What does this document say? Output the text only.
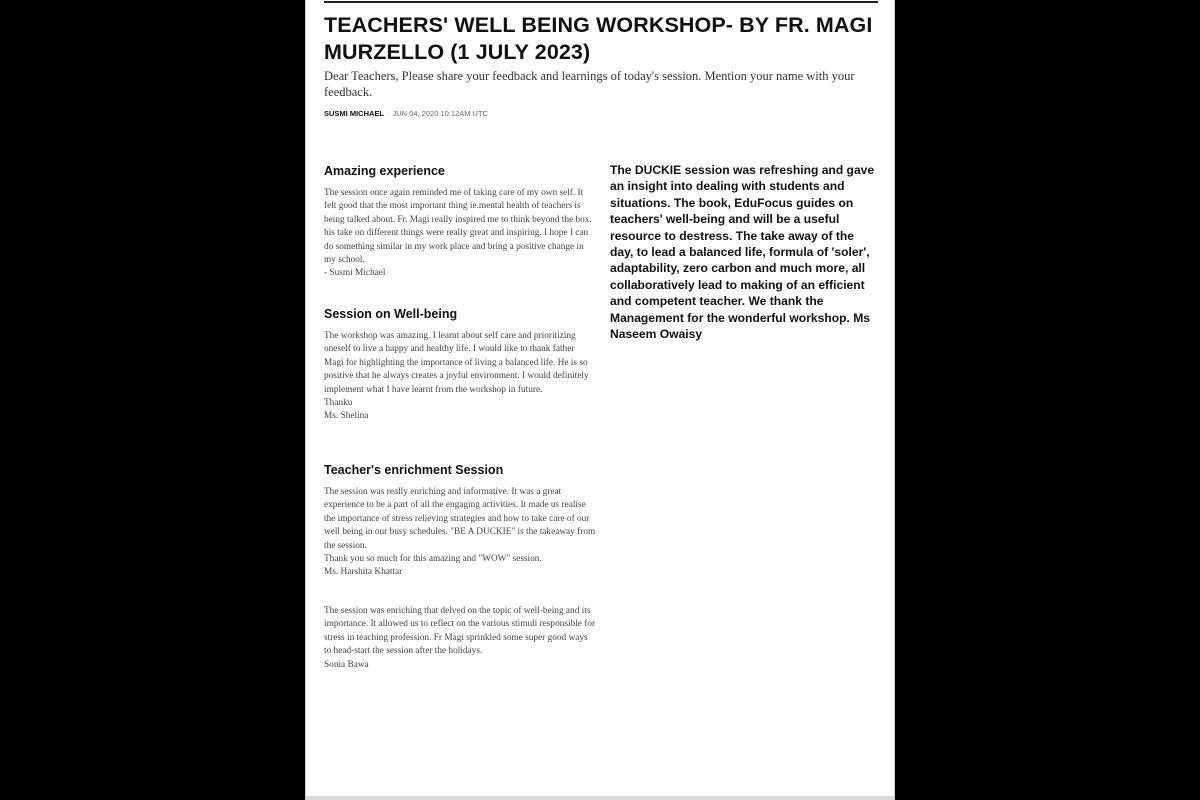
TEACHERS' WELL BEING WORKSHOP- BY FR. MAGI MURZELLO (1 JULY 2023)

Dear Teachers, Please share your feedback and learnings of today's session. Mention your name with your feedback.

SUSMI MICHAEL · JUN 04, 2020 10:12AM UTC
Amazing experience

The session once again reminded me of taking care of my own self. It felt good that the most important thing ie.mental health of teachers is being talked about. Fr. Magi really inspired me to think beyond the box. his take on different things were really great and inspiring. I hope I can do something similar in my work place and bring a positive change in my school.

- Susmi Michael

Session on Well-being

The workshop was amazing. I learnt about self care and prioritizing oneself to live a happy and healthy life. I would like to thank father Magi for highlighting the importance of living a balanced life. He is so positive that he always creates a joyful environment. I would definitely implement what I have learnt from the workshop in future.

Thanku

Ms. Shelina

Teacher's enrichment Session

The session was really enriching and informative. It was a great experience to be a part of all the engaging activities. It made us realise the importance of stress relieving strategies and how to take care of our well being in our busy schedules. "BE A DUCKIE" is the takeaway from the session.

Thank you so much for this amazing and "WOW" session.

Ms. Harshita Khattar

The session was enriching that delved on the topic of well-being and its importance. It allowed us to reflect on the various stimuli responsible for stress in teaching profession. Fr Magi sprinkled some super good ways to head-start the session after the holidays.

Sonia Bawa

The DUCKIE session was refreshing and gave an insight into dealing with students and situations. The book, EduFocus guides on teachers' well-being and will be a useful resource to destress. The take away of the day, to lead a balanced life, formula of 'soler', adaptability, zero carbon and much more, all collaboratively lead to making of an efficient and competent teacher. We thank the Management for the wonderful workshop. Ms Naseem Owaisy
